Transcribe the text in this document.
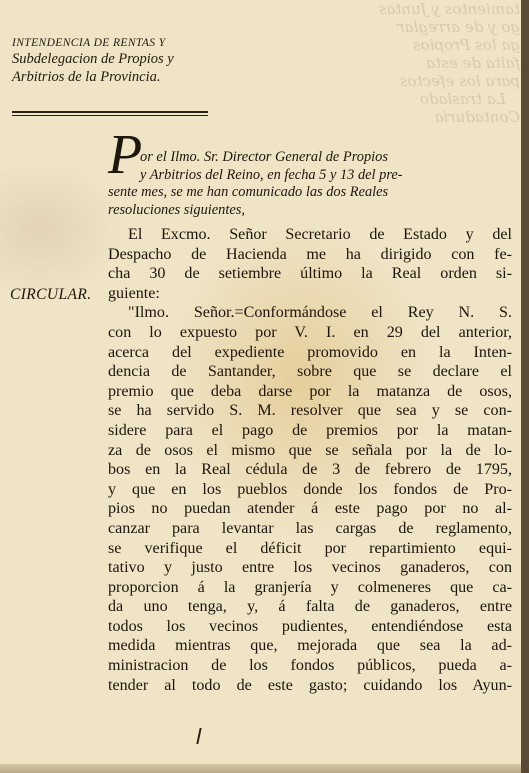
tamientos y Juntas
go y de arreglar
ga los Propios
falta de esta
para los efectos
La traslado
Contaduría
INTENDENCIA DE RENTAS Y
Subdelegacion de Propios y
Arbitrios de la Provincia.
CIRCULAR.
P
or el Ilmo. Sr. Director General de Propios
y Arbitrios del Reino, en fecha 5 y 13 del pre-
sente mes, se me han comunicado las dos Reales
resoluciones siguientes,
El Excmo. Señor Secretario de Estado y del
Despacho de Hacienda me ha dirigido con fe-
cha 30 de setiembre último la Real orden si-
guiente:
"Ilmo. Señor.=Conformándose el Rey N. S.
con lo expuesto por V. I. en 29 del anterior,
acerca del expediente promovido en la Inten-
dencia de Santander, sobre que se declare el
premio que deba darse por la matanza de osos,
se ha servido S. M. resolver que sea y se con-
sidere para el pago de premios por la matan-
za de osos el mismo que se señala por la de lo-
bos en la Real cédula de 3 de febrero de 1795,
y que en los pueblos donde los fondos de Pro-
pios no puedan atender á este pago por no al-
canzar para levantar las cargas de reglamento,
se verifique el déficit por repartimiento equi-
tativo y justo entre los vecinos ganaderos, con
proporcion á la granjería y colmeneres que ca-
da uno tenga, y, á falta de ganaderos, entre
todos los vecinos pudientes, entendiéndose esta
medida mientras que, mejorada que sea la ad-
ministracion de los fondos públicos, pueda a-
tender al todo de este gasto; cuidando los Ayun-
